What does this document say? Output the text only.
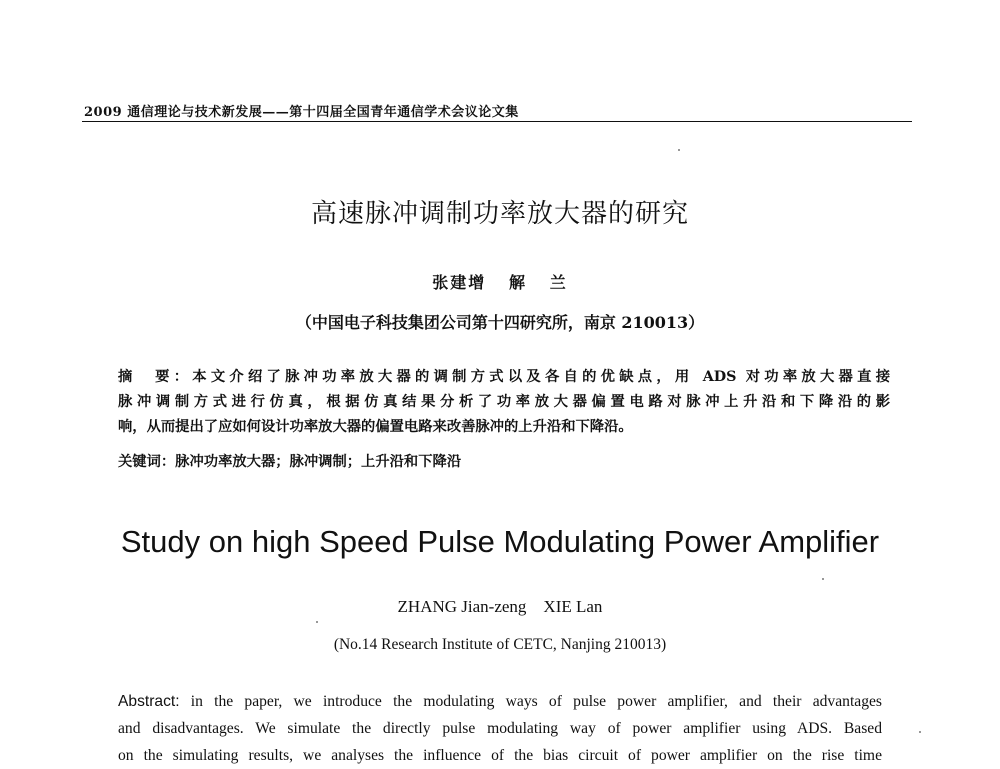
2009 通信理论与技术新发展——第十四届全国青年通信学术会议论文集
高速脉冲调制功率放大器的研究
张建增   解   兰
（中国电子科技集团公司第十四研究所，南京 210013）
摘　要：本文介绍了脉冲功率放大器的调制方式以及各自的优缺点，用 ADS 对功率放大器直接
脉冲调制方式进行仿真，根据仿真结果分析了功率放大器偏置电路对脉冲上升沿和下降沿的影
响，从而提出了应如何设计功率放大器的偏置电路来改善脉冲的上升沿和下降沿。
关键词：脉冲功率放大器；脉冲调制；上升沿和下降沿
Study on high Speed Pulse Modulating Power Amplifier
ZHANG Jian-zeng    XIE Lan
(No.14 Research Institute of CETC, Nanjing 210013)
Abstract: in the paper, we introduce the modulating ways of pulse power amplifier, and their advantages
and disadvantages. We simulate the directly pulse modulating way of power amplifier using ADS. Based
on the simulating results, we analyses the influence of the bias circuit of power amplifier on the rise time
